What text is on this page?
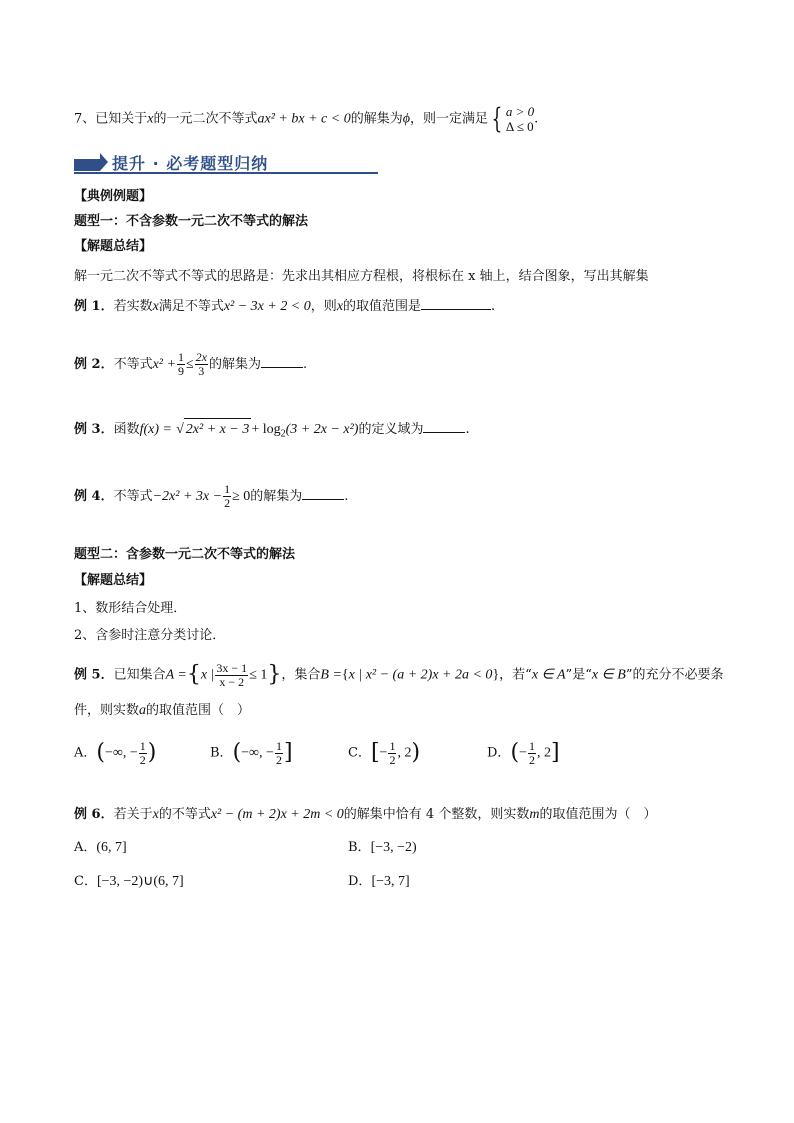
7、已知关于x的一元二次不等式ax² + bx + c < 0的解集为ϕ，则一定满足 { a > 0
Δ ≤ 0 .
提升 · 必考题型归纳
【典例例题】
题型一：不含参数一元二次不等式的解法
【解题总结】
解一元二次不等式不等式的思路是：先求出其相应方程根，将根标在 x 轴上，结合图象，写出其解集
例 1．若实数x满足不等式x² − 3x + 2 < 0，则x的取值范围是	.
例 2．不等式$x^2 + \frac{1}{9} \le \frac{2x}{3}$ 的解集为	.
例 3．函数f(x) = √ $2x^2 + x - 3 + \log_2(3 + 2x - x^2)$的定义域为	.
例 4．不等式$-2x^2 + 3x - \frac{1}{2} \ge 0$的解集为	.
题型二：含参数一元二次不等式的解法
【解题总结】
1、数形结合处理．
2、含参时注意分类讨论．
例 5．已知集合A ={x | $\frac{3x - 1}{x - 2} \le 1$}，集合B ={x | x² − (a + 2)x + 2a < 0}，若“x ∈ A”是“x ∈ B”的充分不必要条
件，则实数a的取值范围（　）
A．(−∞, − $\frac{1}{2}$ )	B．(−∞, − $\frac{1}{2}$ ]	C．[− $\frac{1}{2}$ , 2)	D．(− $\frac{1}{2}$ , 2]
例 6．若关于x的不等式x² − (m + 2)x + 2m < 0的解集中恰有 4 个整数，则实数m的取值范围为（　）
A．(6, 7]	B．[−3, −2)
C．[−3, −2)∪(6, 7]	D．[−3, 7]
